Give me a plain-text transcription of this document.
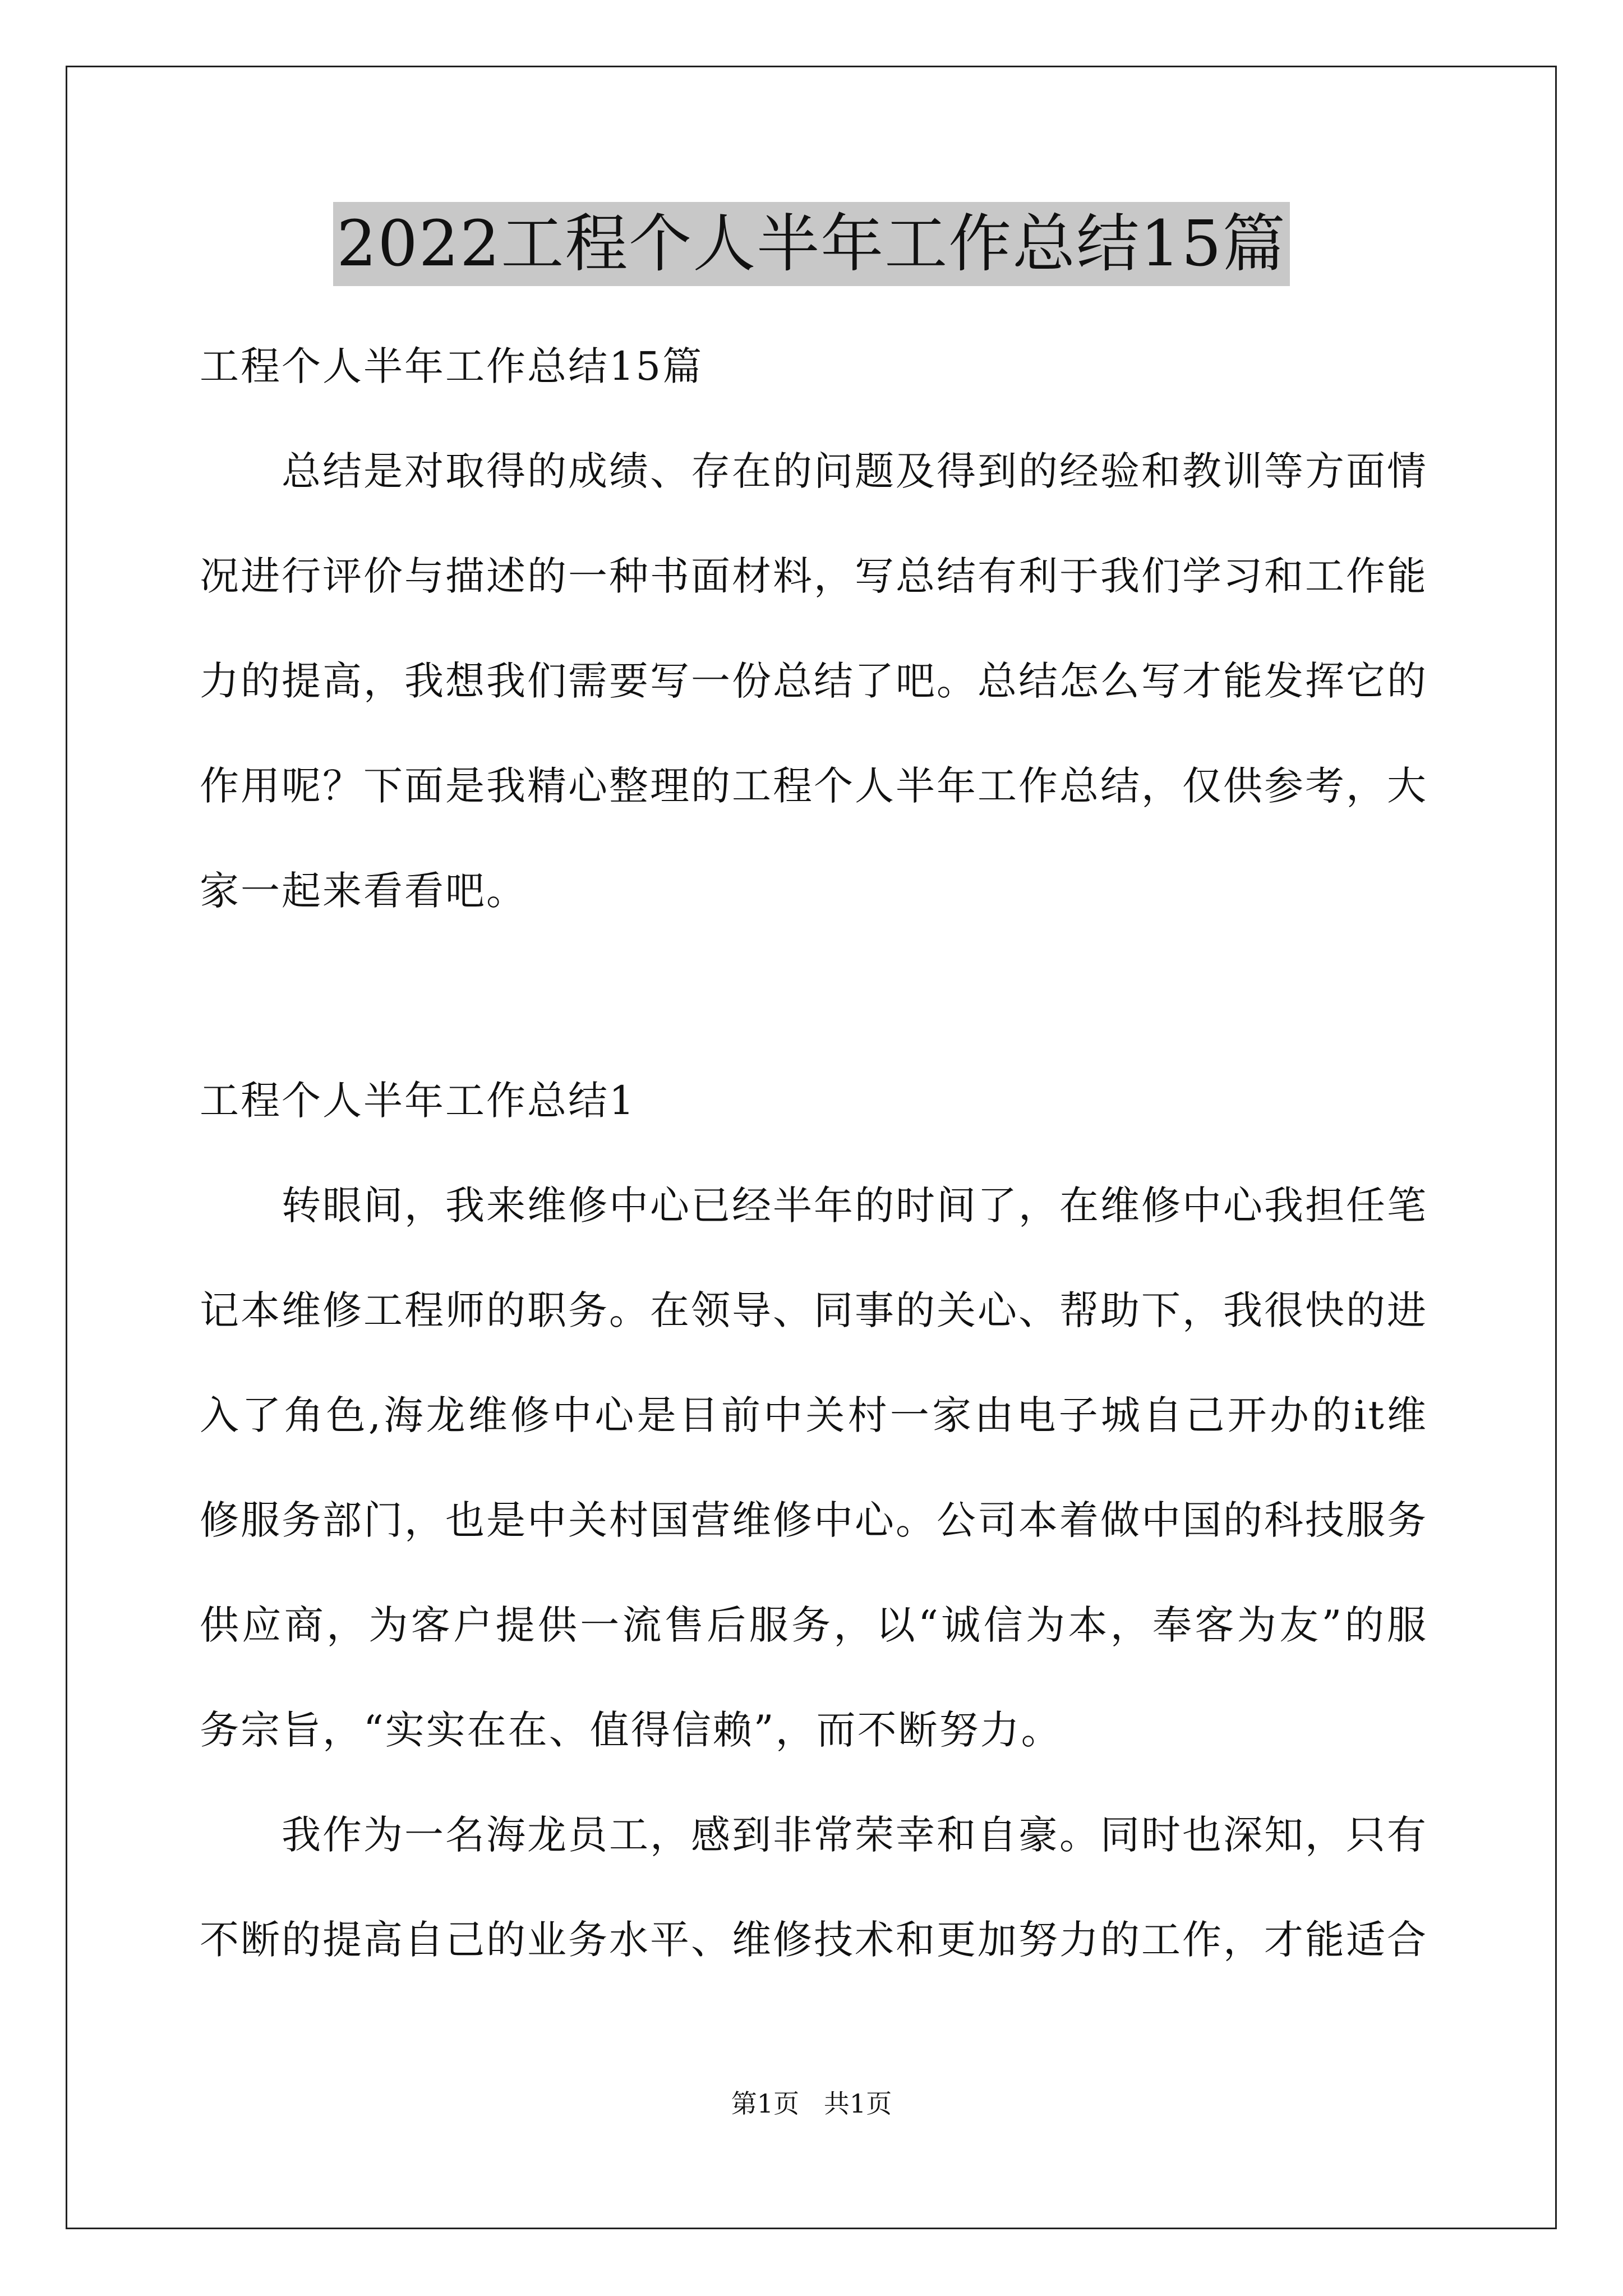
2022工程个人半年工作总结15篇

工程个人半年工作总结15篇

总结是对取得的成绩、存在的问题及得到的经验和教训等方面情况进行评价与描述的一种书面材料，写总结有利于我们学习和工作能力的提高，我想我们需要写一份总结了吧。总结怎么写才能发挥它的作用呢？下面是我精心整理的工程个人半年工作总结，仅供参考，大家一起来看看吧。

工程个人半年工作总结1

转眼间，我来维修中心已经半年的时间了，在维修中心我担任笔记本维修工程师的职务。在领导、同事的关心、帮助下，我很快的进入了角色,海龙维修中心是目前中关村一家由电子城自己开办的it维修服务部门，也是中关村国营维修中心。公司本着做中国的科技服务供应商，为客户提供一流售后服务，以“诚信为本，奉客为友”的服务宗旨，“实实在在、值得信赖”，而不断努力。

我作为一名海龙员工，感到非常荣幸和自豪。同时也深知，只有不断的提高自己的业务水平、维修技术和更加努力的工作，才能适合

第1页   共1页
